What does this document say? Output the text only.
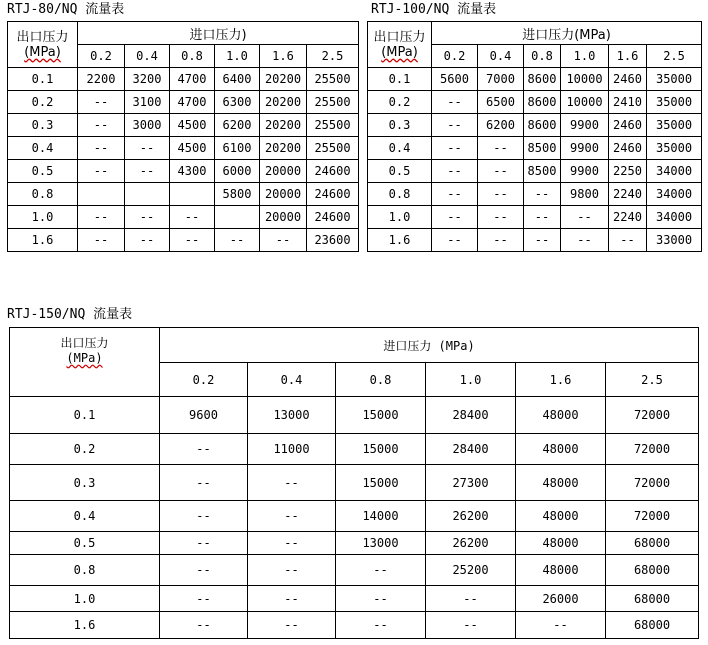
RTJ-80/NQ 流量表
出口压力
(MPa)	进口压力)					
	0.2	0.4	0.8	1.0	1.6	2.5
0.1	2200	3200	4700	6400	20200	25500
0.2	--	3100	4700	6300	20200	25500
0.3	--	3000	4500	6200	20200	25500
0.4	--	--	4500	6100	20200	25500
0.5	--	--	4300	6000	20000	24600
0.8				5800	20000	24600
1.0	--	--	--		20000	24600
1.6	--	--	--	--	--	23600
RTJ-100/NQ 流量表
出口压力
(MPa)	进口压力(MPa)					
	0.2	0.4	0.8	1.0	1.6	2.5
0.1	5600	7000	8600	10000	2460	35000
0.2	--	6500	8600	10000	2410	35000
0.3	--	6200	8600	9900	2460	35000
0.4	--	--	8500	9900	2460	35000
0.5	--	--	8500	9900	2250	34000
0.8	--	--	--	9800	2240	34000
1.0	--	--	--	--	2240	34000
1.6	--	--	--	--	--	33000
RTJ-150/NQ 流量表
出口压力
(MPa)	进口压力 (MPa)					
	0.2	0.4	0.8	1.0	1.6	2.5
0.1	9600	13000	15000	28400	48000	72000
0.2	--	11000	15000	28400	48000	72000
0.3	--	--	15000	27300	48000	72000
0.4	--	--	14000	26200	48000	72000
0.5	--	--	13000	26200	48000	68000
0.8	--	--	--	25200	48000	68000
1.0	--	--	--	--	26000	68000
1.6	--	--	--	--	--	68000
